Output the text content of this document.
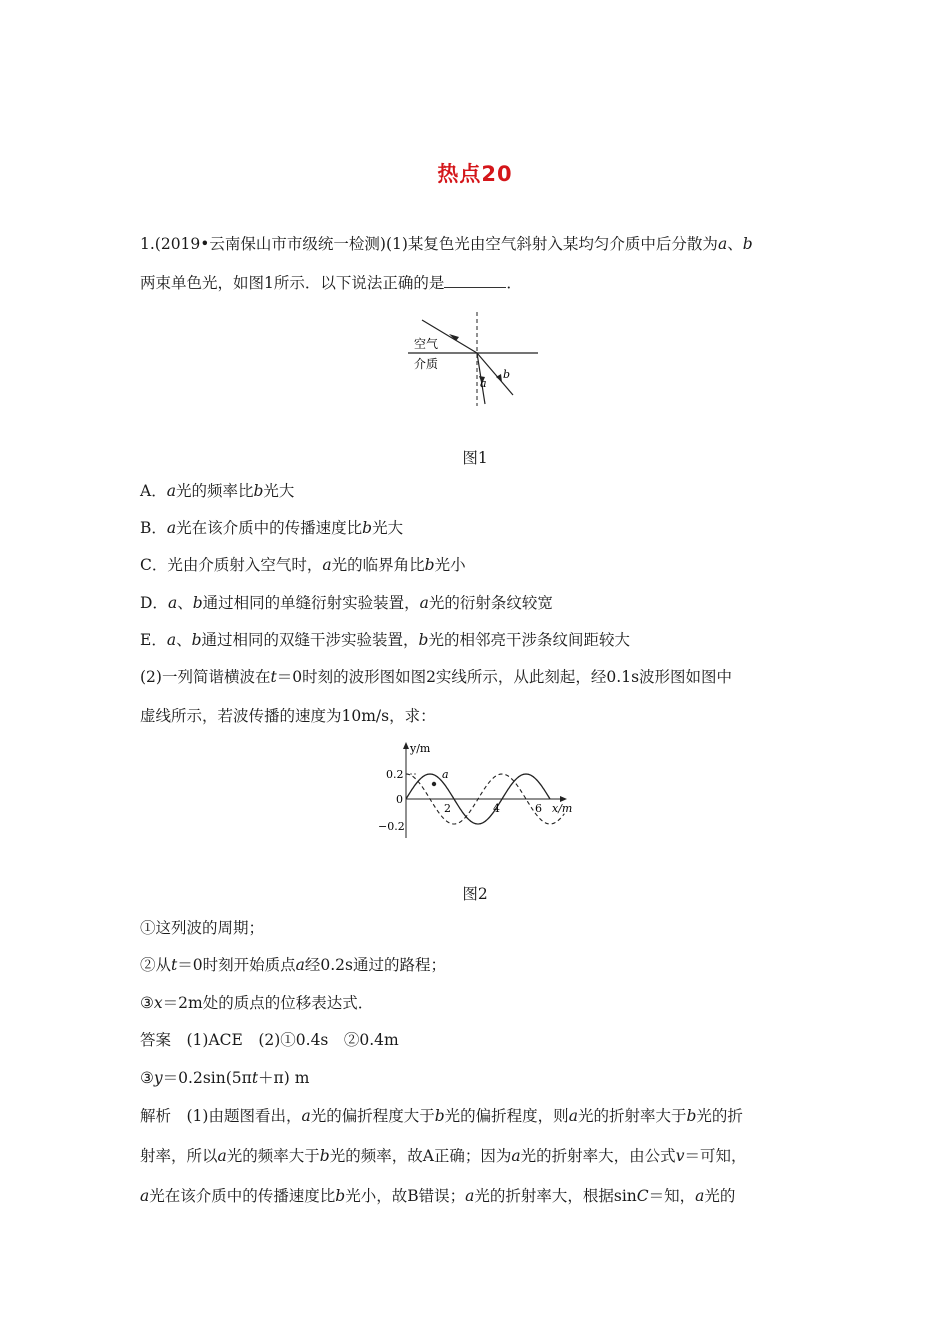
热点20
1.(2019•云南保山市市级统一检测)(1)某复色光由空气斜射入某均匀介质中后分散为a、b
两束单色光，如图1所示．以下说法正确的是	．
空气
介质
a
b
图1
A．a光的频率比b光大
B．a光在该介质中的传播速度比b光大
C．光由介质射入空气时，a光的临界角比b光小
D．a、b通过相同的单缝衍射实验装置，a光的衍射条纹较宽
E．a、b通过相同的双缝干涉实验装置，b光的相邻亮干涉条纹间距较大
(2)一列简谐横波在t＝0时刻的波形图如图2实线所示，从此刻起，经0.1s波形图如图中
虚线所示，若波传播的速度为10m/s，求：
y/m
x/m
0.2
0
−0.2
2	4	6
a
图2
①这列波的周期；
②从t＝0时刻开始质点a经0.2s通过的路程；
③x＝2m处的质点的位移表达式．
答案　(1)ACE　(2)①0.4s　②0.4m
③y＝0.2sin(5πt＋π) m
解析　(1)由题图看出，a光的偏折程度大于b光的偏折程度，则a光的折射率大于b光的折
射率，所以a光的频率大于b光的频率，故A正确；因为a光的折射率大，由公式v＝可知，
a光在该介质中的传播速度比b光小，故B错误；a光的折射率大，根据sinC＝知，a光的
